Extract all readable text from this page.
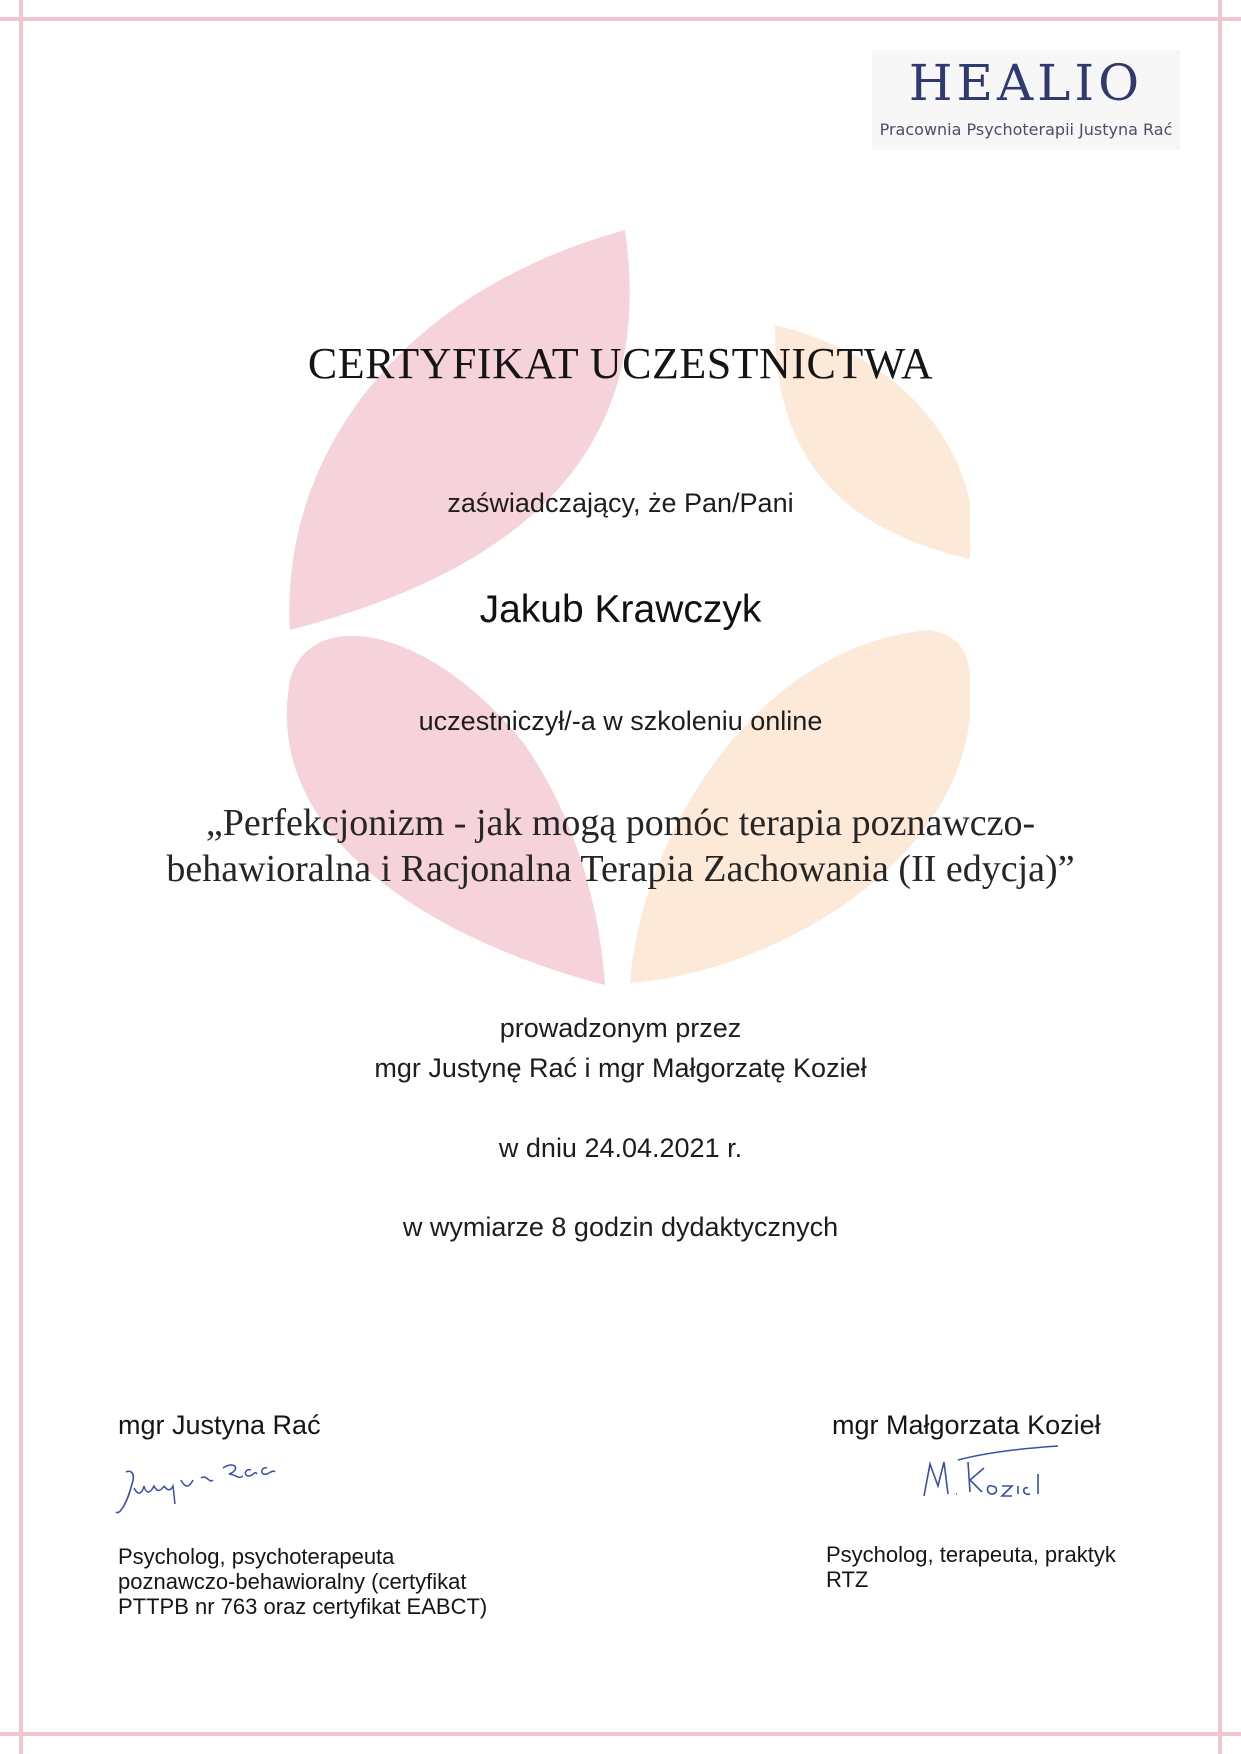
HEALIO
Pracownia Psychoterapii Justyna Rać
CERTYFIKAT UCZESTNICTWA
zaświadczający, że Pan/Pani
Jakub Krawczyk
uczestniczył/-a w szkoleniu online
„Perfekcjonizm - jak mogą pomóc terapia poznawczo-
behawioralna i Racjonalna Terapia Zachowania (II edycja)”
prowadzonym przez
mgr Justynę Rać i mgr Małgorzatę Kozieł
w dniu 24.04.2021 r.
w wymiarze 8 godzin dydaktycznych
mgr Justyna Rać
Psycholog, psychoterapeuta
poznawczo-behawioralny (certyfikat
PTTPB nr 763 oraz certyfikat EABCT)
mgr Małgorzata Kozieł
Psycholog, terapeuta, praktyk
RTZ
